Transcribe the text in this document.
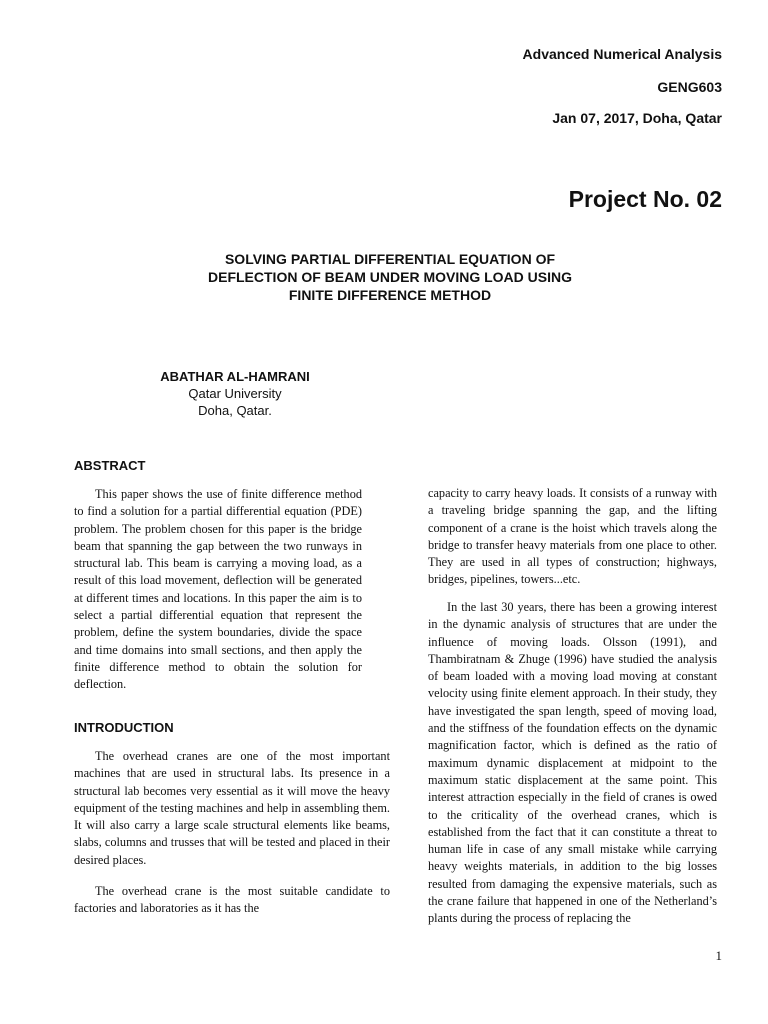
Advanced Numerical Analysis
GENG603
Jan 07, 2017, Doha, Qatar
Project No. 02
SOLVING PARTIAL DIFFERENTIAL EQUATION OF
DEFLECTION OF BEAM UNDER MOVING LOAD USING
FINITE DIFFERENCE METHOD
ABATHAR AL-HAMRANI
Qatar University
Doha, Qatar.
ABSTRACT

This paper shows the use of finite difference method to find a solution for a partial differential equation (PDE) problem. The problem chosen for this paper is the bridge beam that spanning the gap between the two runways in structural lab. This beam is carrying a moving load, as a result of this load movement, deflection will be generated at different times and locations. In this paper the aim is to select a partial differential equation that represent the problem, define the system boundaries, divide the space and time domains into small sections, and then apply the finite difference method to obtain the solution for deflection.

INTRODUCTION

The overhead cranes are one of the most important machines that are used in structural labs. Its presence in a structural lab becomes very essential as it will move the heavy equipment of the testing machines and help in assembling them. It will also carry a large scale structural elements like beams, slabs, columns and trusses that will be tested and placed in their desired places.

The overhead crane is the most suitable candidate to factories and laboratories as it has the

capacity to carry heavy loads. It consists of a runway with a traveling bridge spanning the gap, and the lifting component of a crane is the hoist which travels along the bridge to transfer heavy materials from one place to other. They are used in all types of construction; highways, bridges, pipelines, towers...etc.

In the last 30 years, there has been a growing interest in the dynamic analysis of structures that are under the influence of moving loads. Olsson (1991), and Thambiratnam & Zhuge (1996) have studied the analysis of beam loaded with a moving load moving at constant velocity using finite element approach. In their study, they have investigated the span length, speed of moving load, and the stiffness of the foundation effects on the dynamic magnification factor, which is defined as the ratio of maximum dynamic displacement at midpoint to the maximum static displacement at the same point. This interest attraction especially in the field of cranes is owed to the criticality of the overhead cranes, which is established from the fact that it can constitute a threat to human life in case of any small mistake while carrying heavy weights materials, in addition to the big losses resulted from damaging the expensive materials, such as the crane failure that happened in one of the Netherland’s plants during the process of replacing the

1
